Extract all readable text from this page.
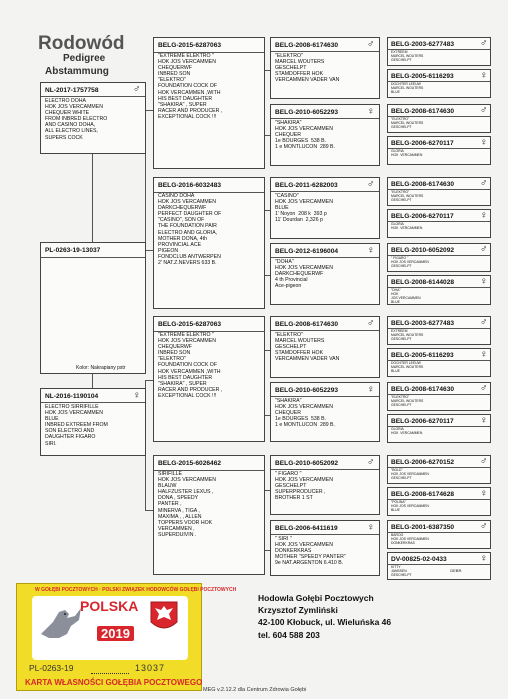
Rodowód
Pedigree
Abstammung
PL-0263-19-13037
Kolor: Nakrapiany pstr
NL-2017-1757758	♂
ELECTRO DOHA
HOK JOS VERCAMMEN
CHEQUER WHITE
FROM INBRED ELECTRO
AND CASINO DOHA,
ALL ELECTRO LINES,
SUPERS COCK
NL-2016-1190104	♀
ELECTRO SIRRIFILLE
HOK JOS VERCAMMEN
BLUE
INBRED EXTREEM FROM
SON ELECTRO AND
DAUGHTER FIGARO
SIRI.
BELG-2015-6287063
"EXTREME ELEKTRO "
HOK JOS VERCAMMEN
CHEQUERWF
INBRED SON
"ELEKTRO"
FOUNDATION COCK OF
HOK VERCAMMEN ,WITH
HIS BEST DAUGHTER
"SHAKIRA" , SUPER
RACER AND PRODUCER ,
EXCEPTIONAL COCK !!!
BELG-2016-6032483
CASINO DOHA
HOK JOS VERCAMMEN
DARKCHEQUERWF
PERFECT DAUGHTER OF
"CASINO", SON OF
THE FOUNDATION PAIR
ELECTRO AND GLORIA,
MOTHER DONA, 4th
PROVINCIAL ACE
PIGEON
FONDCLUB ANTWERPEN
2' NAT.Z.NEVERS 633 B.
BELG-2015-6287063
"EXTREME ELEKTRO "
HOK JOS VERCAMMEN
CHEQUERWF
INBRED SON
"ELEKTRO"
FOUNDATION COCK OF
HOK VERCAMMEN ,WITH
HIS BEST DAUGHTER
"SHAKIRA" , SUPER
RACER AND PRODUCER ,
EXCEPTIONAL COCK !!!
BELG-2015-6026462
SIRIFILLE
HOK JOS VERCAMMEN
BLAUW
HALFZUSTER LEXUS ,
DONA , SPEEDY
PANTER ,
MINERVA , TIGA ,
MAXIMA , , ALLEN
TOPPERS VOOR HOK
VERCAMMEN ,
SUPERDUIVIN .
BELG-2008-6174630	♂
"ELEKTRO"
MARCEL WOUTERS
GESCHELPT
STAMDOFFER HOK
VERCAMMEN VADER VAN
BELG-2010-6052293	♀
"SHAKIRA"
HOK JOS VERCAMMEN
CHEQUER
1e BOURGES  538 B.
1 e MONTLUCON  289 B.
BELG-2011-6282003	♂
"CASINO"
HOK JOS VERCAMMEN
BLUE
1' Noyon  208 k  393 p
11' Dourdan  2,326 p
BELG-2012-6196004	♀
"DOHA"
HOK JOS VERCAMMEN
DARKCHEQUERWF
4 th Provincial
Ace-pigeon
BELG-2008-6174630	♂
"ELEKTRO"
MARCEL WOUTERS
GESCHELPT
STAMDOFFER HOK
VERCAMMEN VADER VAN
BELG-2010-6052293	♀
"SHAKIRA"
HOK JOS VERCAMMEN
CHEQUER
1e BOURGES  538 B.
1 e MONTLUCON  289 B.
BELG-2010-6052092	♂
" FIGARO "
HOK JOS VERCAMMEN
GESCHELPT
SUPERPRODUCER ,
BROTHER 1 ST
BELG-2006-6411619	♀
" SIRI "
HOK JOS VERCAMMEN
DONKERKRAS
MOTHER "SPEEDY PANTER"
9e NAT.ARGENTON 6.410 B.
BELG-2003-6277483	♂
EXTREEM
MARCEL WOUTERS
GESCHELPT
BELG-2005-6116293	♀
DOCHTER LEEUW
MARCEL WOUTERS
BLUE
BELG-2008-6174630	♂
"ELEKTRO"
MARCEL WOUTERS
GESCHELPT
BELG-2006-6270117	♀
GLORIA
HOK  VERCAMMEN
BELG-2008-6174630	♂
"ELEKTRO"
MARCEL WOUTERS
GESCHELPT
BELG-2006-6270117	♀
GLORIA
HOK  VERCAMMEN
BELG-2010-6052092	♂
" FIGARO "
HOK JOS VERCAMMEN
GESCHELPT
BELG-2008-6144028	♀
"DHA"
HOK
JOS VERCAMMEN
BLUE
BELG-2003-6277483	♂
EXTREEM
MARCEL WOUTERS
GESCHELPT
BELG-2005-6116293	♀
DOCHTER LEEUW
MARCEL WOUTERS
BLUE
BELG-2008-6174630	♂
"ELEKTRO"
MARCEL WOUTERS
GESCHELPT
BELG-2006-6270117	♀
GLORIA
HOK  VERCAMMEN
BELG-2006-6270152	♂
"BOLD"
HOK JOS VERCAMMEN
GESCHELPT
BELG-2008-6174628	♀
"POLINA"
HOK JOS VERCAMMEN
BLUE
BELG-2001-6387350	♂
BAROO
HOK JOS VERCAMMEN
DONKERKRAS
DV-00825-02-0433	♀
KITTY
JANSSEN
GESCHELPT
GEBR.
Hodowla Gołębi Pocztowych
Krzysztof Zymliński
42-100 Kłobuck, ul. Wieluńska 46
tel. 604 588 203
W GOŁĘBI POCZTOWYCH · POLSKI ZWIĄZEK HODOWCÓW GOŁĘBI POCZTOWYCH
POLSKA
2019
PL-0263-19	13037
KARTA WŁASNOŚCI GOŁĘBIA POCZTOWEGO
MEG v.2.12.2 dla Centrum Zdrowia Gołębi
